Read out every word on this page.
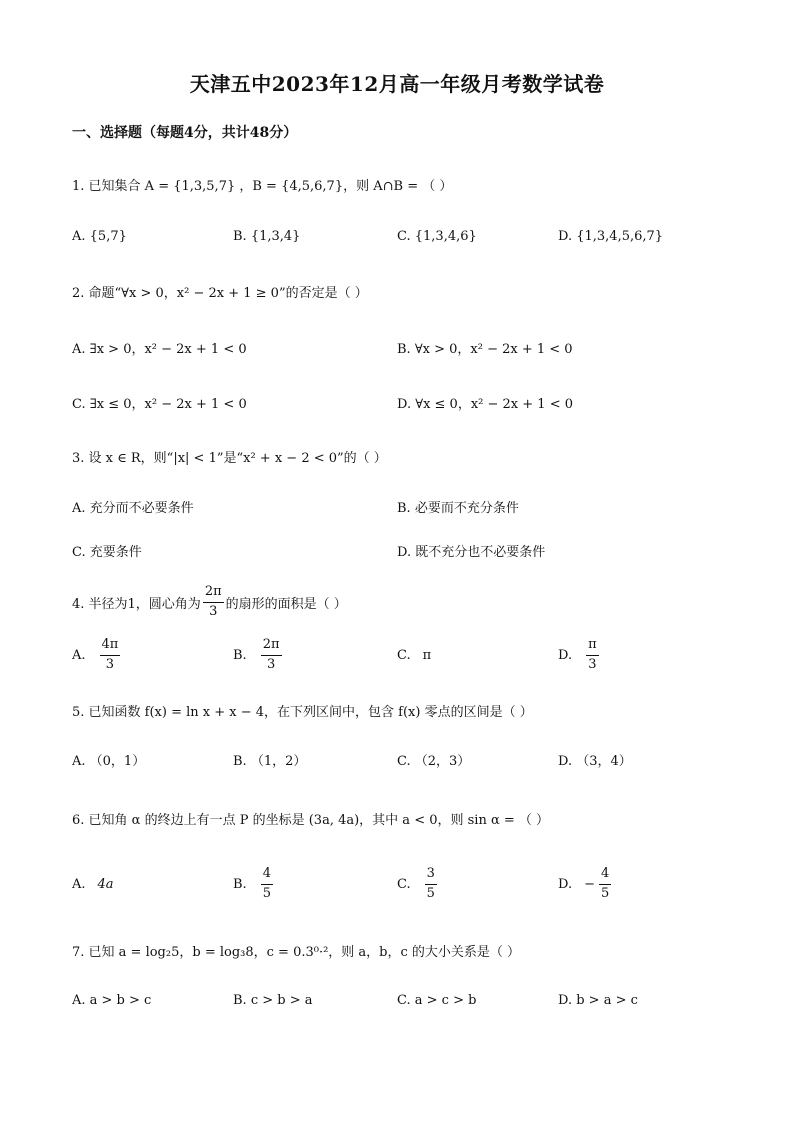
天津五中2023年12月高一年级月考数学试卷
一、选择题（每题4分，共计48分）
1. 已知集合 A = {1,3,5,7} ，B = {4,5,6,7}，则 A∩B = （ ）
A. {5,7}	B. {1,3,4}	C. {1,3,4,6}	D. {1,3,4,5,6,7}
2. 命题“∀x > 0，x² − 2x + 1 ≥ 0”的否定是（ ）
A. ∃x > 0，x² − 2x + 1 < 0	B. ∀x > 0，x² − 2x + 1 < 0
C. ∃x ≤ 0，x² − 2x + 1 < 0	D. ∀x ≤ 0，x² − 2x + 1 < 0
3. 设 x ∈ R，则“|x| < 1”是“x² + x − 2 < 0”的（ ）
A. 充分而不必要条件	B. 必要而不充分条件
C. 充要条件	D. 既不充分也不必要条件
4. 半径为1，圆心角为 $\frac{2\pi}{3}$ 的扇形的面积是（ ）
A. $\frac{4\pi}{3}$	B. $\frac{2\pi}{3}$	C. π	D. $\frac{\pi}{3}$
5. 已知函数 f(x) = ln x + x − 4，在下列区间中，包含 f(x) 零点的区间是（ ）
A. （0，1）	B. （1，2）	C. （2，3）	D. （3，4）
6. 已知角 α 的终边上有一点 P 的坐标是 (3a, 4a)，其中 a < 0，则 sin α = （ ）
A. 4a	B. $\frac{4}{5}$	C. $\frac{3}{5}$	D. − $\frac{4}{5}$
7. 已知 a = log₂5，b = log₃8，c = 0.3⁰·²，则 a，b，c 的大小关系是（ ）
A. a > b > c	B. c > b > a	C. a > c > b	D. b > a > c
